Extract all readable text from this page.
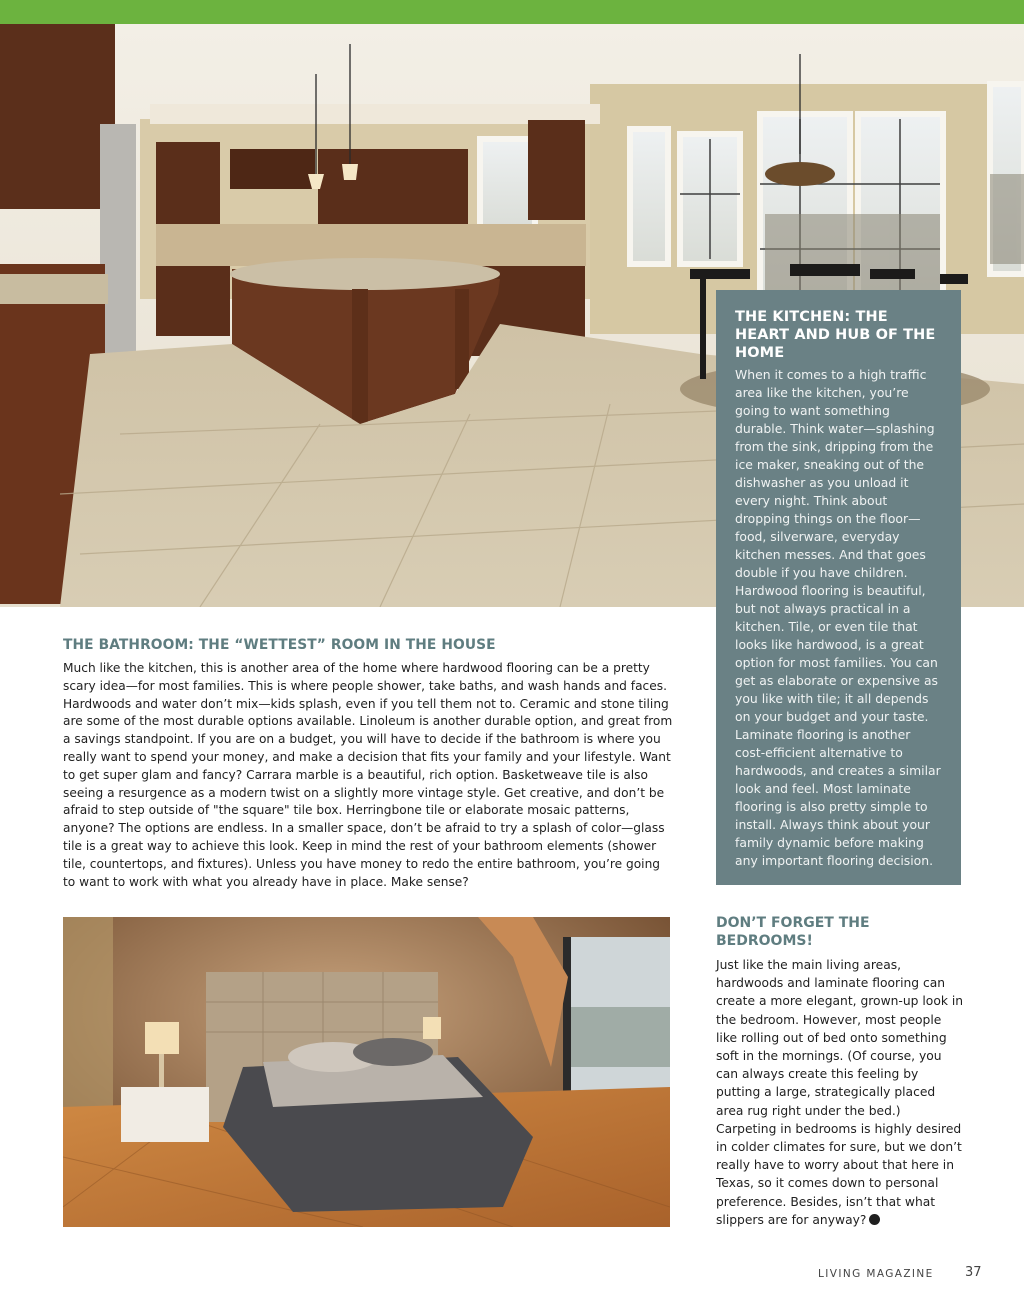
THE KITCHEN: THE HEART AND HUB OF THE HOME

When it comes to a high traffic area like the kitchen, you’re going to want something durable. Think water—splashing from the sink, dripping from the ice maker, sneaking out of the dishwasher as you unload it every night. Think about dropping things on the floor—food, silverware, everyday kitchen messes. And that goes double if you have children. Hardwood flooring is beautiful, but not always practical in a kitchen. Tile, or even tile that looks like hardwood, is a great option for most families. You can get as elaborate or expensive as you like with tile; it all depends on your budget and your taste. Laminate flooring is another cost-efficient alternative to hardwoods, and creates a similar look and feel. Most laminate flooring is also pretty simple to install. Always think about your family dynamic before making any important flooring decision.

THE BATHROOM: THE “WETTEST” ROOM IN THE HOUSE

Much like the kitchen, this is another area of the home where hardwood flooring can be a pretty scary idea—for most families. This is where people shower, take baths, and wash hands and faces. Hardwoods and water don’t mix—kids splash, even if you tell them not to. Ceramic and stone tiling are some of the most durable options available. Linoleum is another durable option, and great from a savings standpoint. If you are on a budget, you will have to decide if the bathroom is where you really want to spend your money, and make a decision that fits your family and your lifestyle. Want to get super glam and fancy? Carrara marble is a beautiful, rich option. Basketweave tile is also seeing a resurgence as a modern twist on a slightly more vintage style. Get creative, and don’t be afraid to step outside of "the square" tile box. Herringbone tile or elaborate mosaic patterns, anyone? The options are endless. In a smaller space, don’t be afraid to try a splash of color—glass tile is a great way to achieve this look. Keep in mind the rest of your bathroom elements (shower tile, countertops, and fixtures). Unless you have money to redo the entire bathroom, you’re going to want to work with what you already have in place. Make sense?

DON’T FORGET THE BEDROOMS!

Just like the main living areas, hardwoods and laminate flooring can create a more elegant, grown-up look in the bedroom. However, most people like rolling out of bed onto something soft in the mornings. (Of course, you can always create this feeling by putting a large, strategically placed area rug right under the bed.) Carpeting in bedrooms is highly desired in colder climates for sure, but we don’t really have to worry about that here in Texas, so it comes down to personal preference. Besides, isn’t that what slippers are for anyway?

LIVING MAGAZINE 37
